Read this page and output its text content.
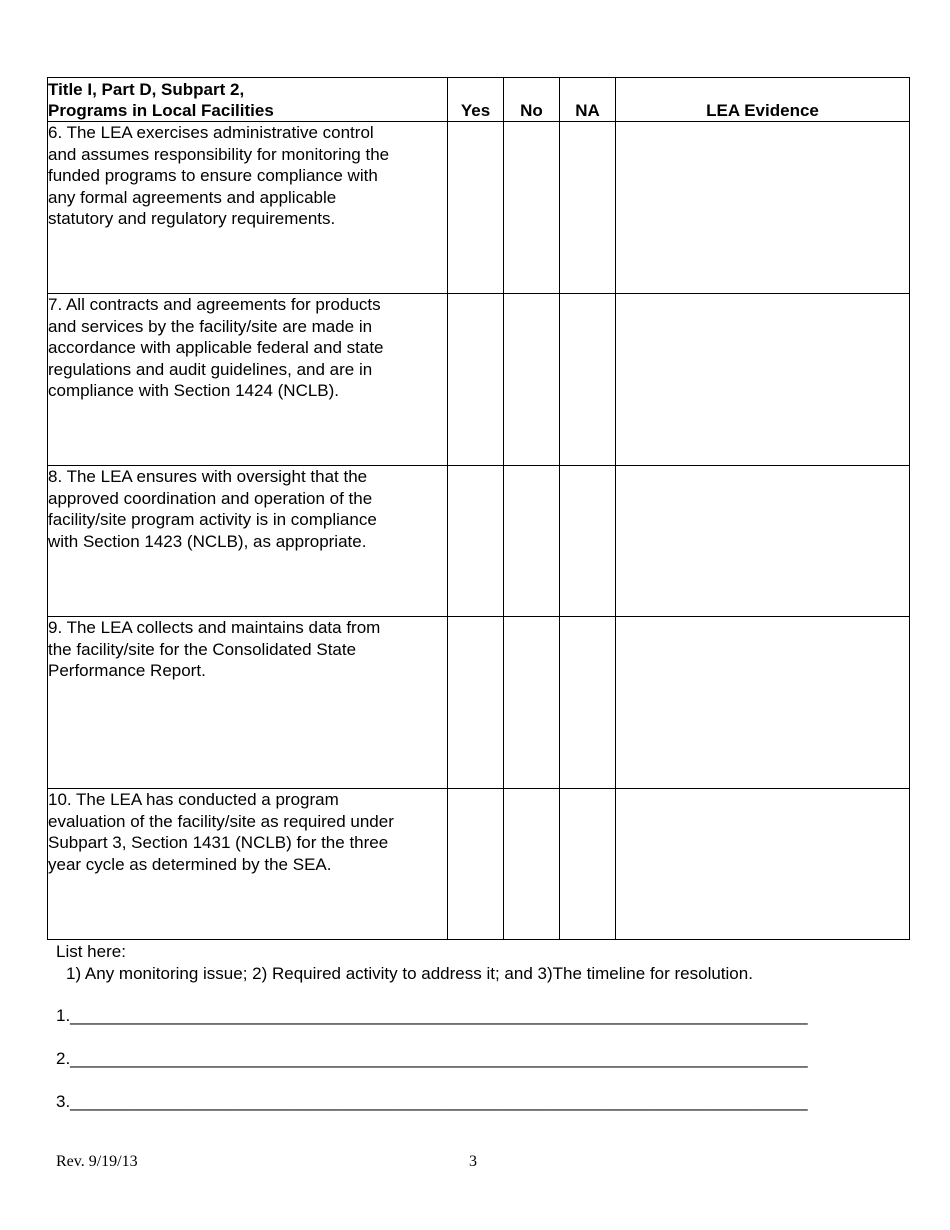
Title I, Part D, Subpart 2,
Programs in Local Facilities	Yes	No	NA	LEA Evidence
6. The LEA exercises administrative control
and assumes responsibility for monitoring the
funded programs to ensure compliance with
any formal agreements and applicable
statutory and regulatory requirements.				
7. All contracts and agreements for products
and services by the facility/site are made in
accordance with applicable federal and state
regulations and audit guidelines, and are in
compliance with Section 1424 (NCLB).				
8. The LEA ensures with oversight that the
approved coordination and operation of the
facility/site program activity is in compliance
with Section 1423 (NCLB), as appropriate.				
9. The LEA collects and maintains data from
the facility/site for the Consolidated State
Performance Report.				
10. The LEA has conducted a program
evaluation of the facility/site as required under
Subpart 3, Section 1431 (NCLB) for the three
year cycle as determined by the SEA.				
List here:
1) Any monitoring issue; 2) Required activity to address it; and 3)The timeline for resolution.
1.______________________________________________________________________________
2.______________________________________________________________________________
3.______________________________________________________________________________
Rev. 9/19/13	3
